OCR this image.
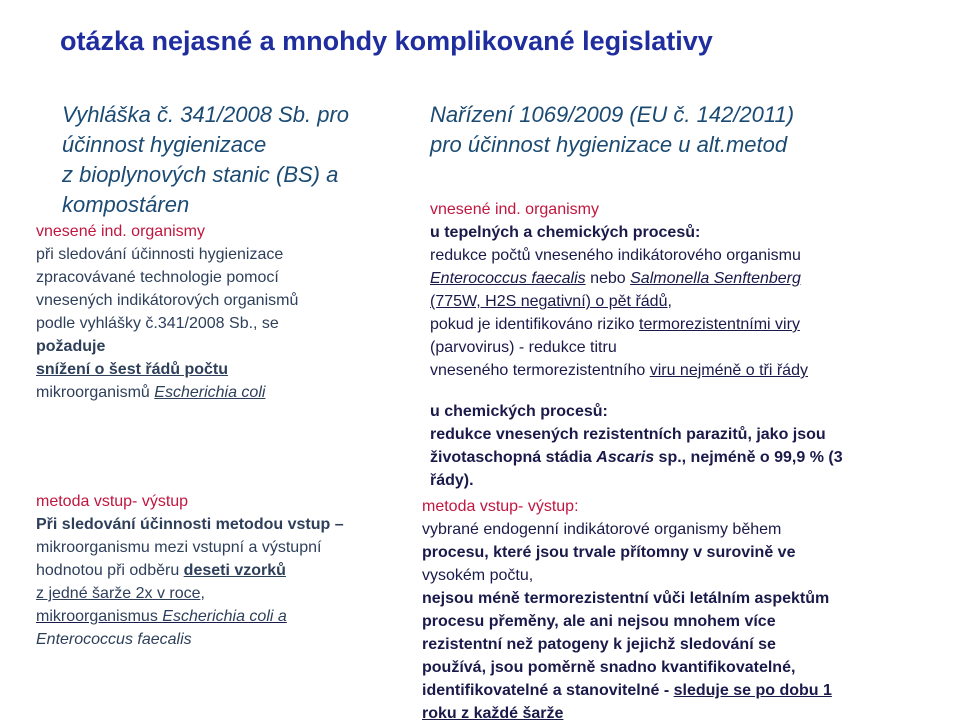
otázka nejasné a mnohdy komplikované legislativy
Vyhláška č. 341/2008 Sb. pro
účinnost hygienizace
z bioplynových stanic (BS) a
kompostáren
vnesené ind. organismy
při sledování účinnosti hygienizace
zpracovávané technologie pomocí
vnesených indikátorových organismů
podle vyhlášky č.341/2008 Sb., se
požaduje
snížení o šest řádů počtu
mikroorganismů Escherichia coli
metoda vstup- výstup
Při sledování účinnosti metodou vstup –
mikroorganismu mezi vstupní a výstupní
hodnotou při odběru deseti vzorků
z jedné šarže 2x v roce,
mikroorganismus Escherichia coli a
Enterococcus faecalis
Nařízení 1069/2009 (EU č. 142/2011)
pro účinnost hygienizace u alt.metod
vnesené ind. organismy
u tepelných a chemických procesů:
redukce počtů vneseného indikátorového organismu
Enterococcus faecalis nebo Salmonella Senftenberg
(775W, H2S negativní) o pět řádů,
pokud je identifikováno riziko termorezistentními viry
(parvovirus) - redukce titru
vneseného termorezistentního viru nejméně o tři řády
u chemických procesů:
redukce vnesených rezistentních parazitů, jako jsou
životaschopná stádia Ascaris sp., nejméně o 99,9 % (3
řády).
metoda vstup- výstup:
vybrané endogenní indikátorové organismy během
procesu, které jsou trvale přítomny v surovině ve
vysokém počtu,
nejsou méně termorezistentní vůči letálním aspektům
procesu přeměny, ale ani nejsou mnohem více
rezistentní než patogeny k jejichž sledování se
používá, jsou poměrně snadno kvantifikovatelné,
identifikovatelné a stanovitelné - sleduje se po dobu 1
roku z každé šarže
